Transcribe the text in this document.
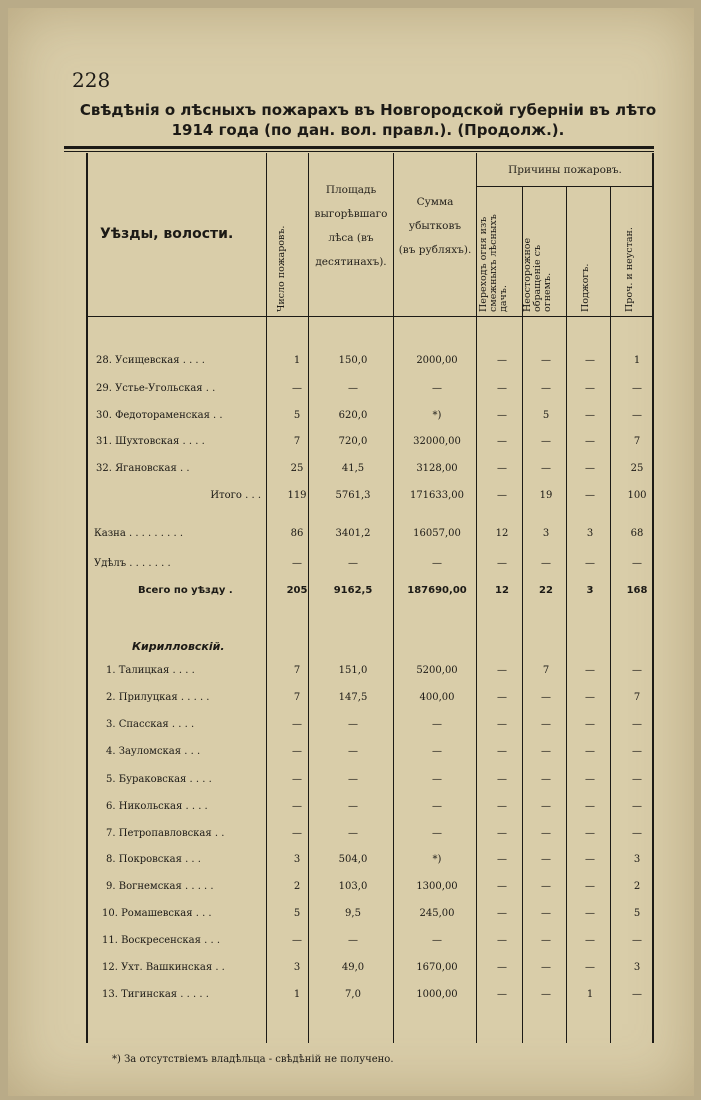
228
Свѣдѣнія о лѣсныхъ пожарахъ въ Новгородской губерніи въ лѣто
1914 года (по дан. вол. правл.). (Продолж.).
Уѣзды, волости.	Число пожаровъ.
Площадь
выгорѣвшаго
лѣса (въ
десятинахъ).
Сумма
убытковъ
(въ рубляхъ).
Причины пожаровъ.
Переходъ огня изъ
смежныхъ лѣсныхъ
дачъ.	Неосторожное
обращеніе съ
огнемъ.	Поджогъ.	Проч. и неустан.
28. Усищевская . . . .	1	150,0	2000,00	—	—	—	1
29. Устье-Угольская . .	—	—	—	—	—	—	—
30. Федотораменская . .	5	620,0	*)	—	5	—	—
31. Шухтовская . . . .	7	720,0	32000,00	—	—	—	7
32. Ягановская . .	25	41,5	3128,00	—	—	—	25
Итого . . .	119	5761,3	171633,00	—	19	—	100
Казна . . . . . . . . .	86	3401,2	16057,00	12	3	3	68
Удѣлъ . . . . . . .	—	—	—	—	—	—	—
Всего по уѣзду .	205	9162,5	187690,00	12	22	3	168
Кирилловскій.
1. Талицкая . . . .	7	151,0	5200,00	—	7	—	—
2. Прилуцкая . . . . .	7	147,5	400,00	—	—	—	7
3. Спасская . . . .	—	—	—	—	—	—	—
4. Зауломская . . .	—	—	—	—	—	—	—
5. Бураковская . . . .	—	—	—	—	—	—	—
6. Никольская . . . .	—	—	—	—	—	—	—
7. Петропавловская . .	—	—	—	—	—	—	—
8. Покровская . . .	3	504,0	*)	—	—	—	3
9. Вогнемская . . . . .	2	103,0	1300,00	—	—	—	2
10. Ромашевская . . .	5	9,5	245,00	—	—	—	5
11. Воскресенская . . .	—	—	—	—	—	—	—
12. Ухт. Вашкинская . .	3	49,0	1670,00	—	—	—	3
13. Тигинская . . . . .	1	7,0	1000,00	—	—	1	—
*) За отсутствіемъ владѣльца - свѣдѣній не получено.
